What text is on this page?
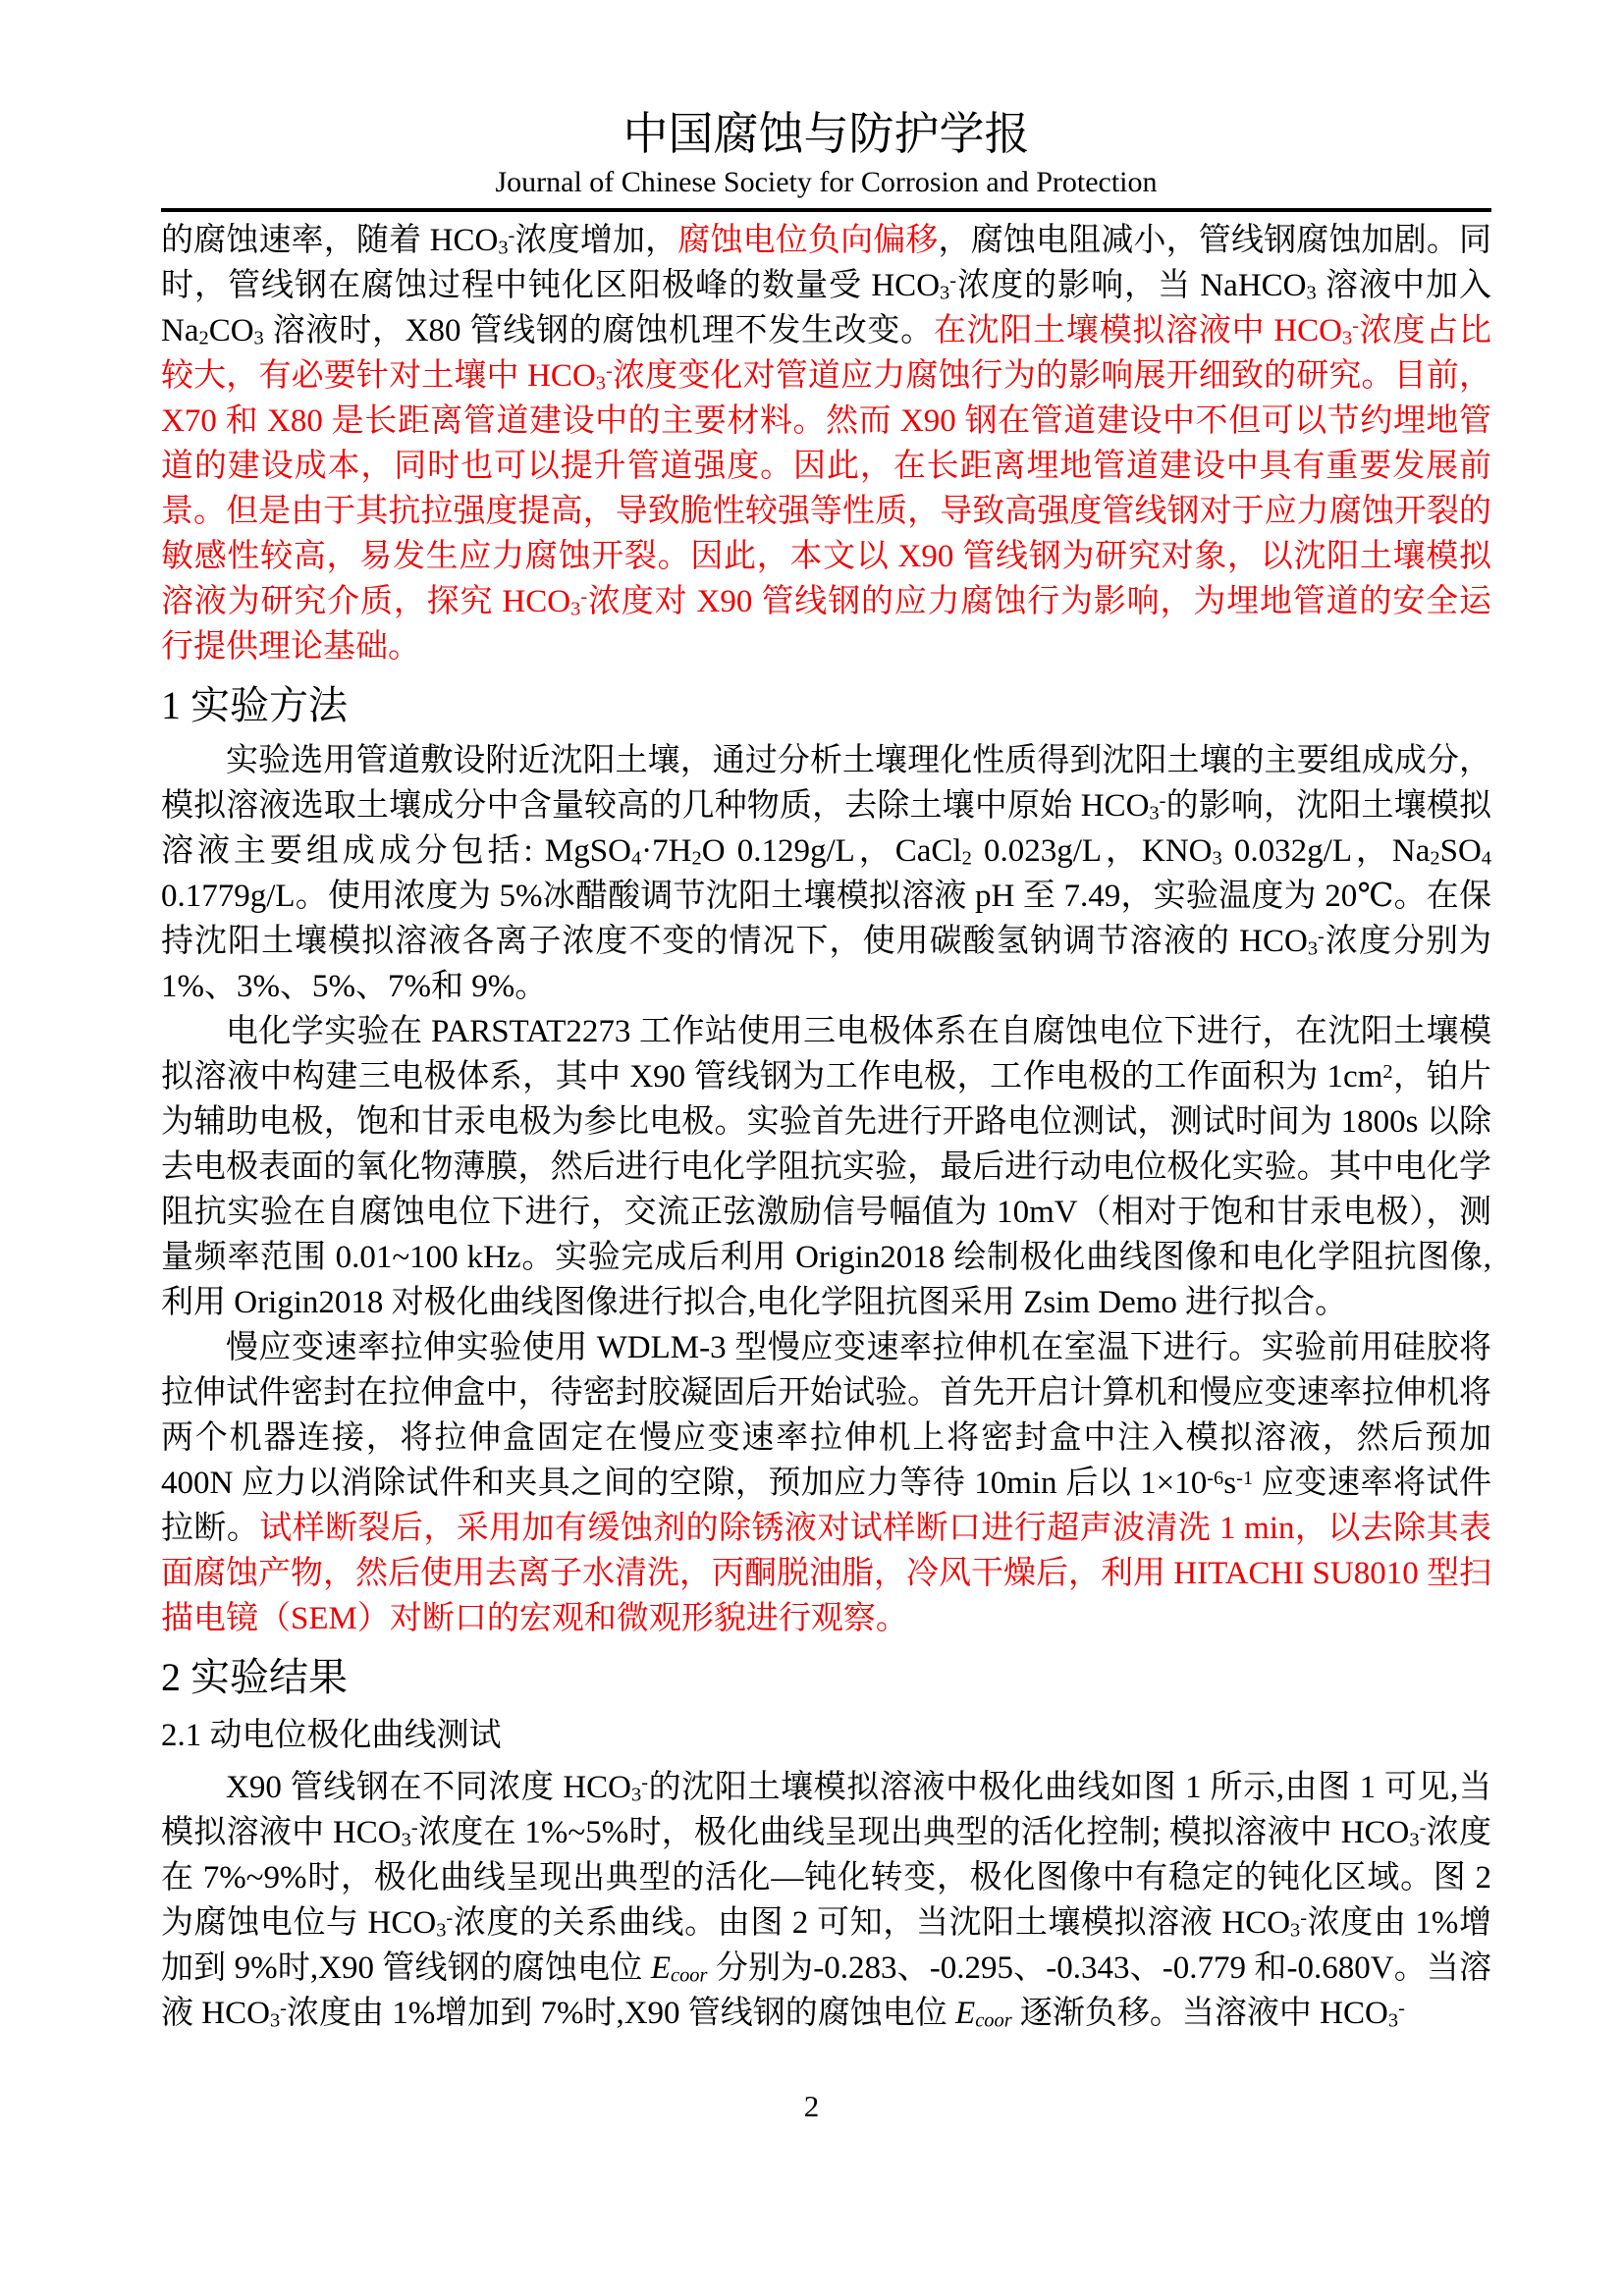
中国腐蚀与防护学报
Journal of Chinese Society for Corrosion and Protection

的腐蚀速率，随着 $HCO_3^-$浓度增加，腐蚀电位负向偏移，腐蚀电阻减小，管线钢腐蚀加剧。同时，管线钢在腐蚀过程中钝化区阳极峰的数量受 $HCO_3^-$浓度的影响，当 NaHCO$_3$ 溶液中加入 $Na_2CO_3$ 溶液时，X80 管线钢的腐蚀机理不发生改变。在沈阳土壤模拟溶液中 $HCO_3^-$浓度占比较大，有必要针对土壤中 $HCO_3^-$浓度变化对管道应力腐蚀行为的影响展开细致的研究。目前，X70 和 X80 是长距离管道建设中的主要材料。然而 X90 钢在管道建设中不但可以节约埋地管道的建设成本，同时也可以提升管道强度。因此，在长距离埋地管道建设中具有重要发展前景。但是由于其抗拉强度提高，导致脆性较强等性质，导致高强度管线钢对于应力腐蚀开裂的敏感性较高，易发生应力腐蚀开裂。因此，本文以 X90 管线钢为研究对象，以沈阳土壤模拟溶液为研究介质，探究 $HCO_3^-$浓度对 X90 管线钢的应力腐蚀行为影响，为埋地管道的安全运行提供理论基础。

1 实验方法

实验选用管道敷设附近沈阳土壤，通过分析土壤理化性质得到沈阳土壤的主要组成成分，模拟溶液选取土壤成分中含量较高的几种物质，去除土壤中原始 $HCO_3^-$的影响，沈阳土壤模拟溶液主要组成成分包括: $MgSO_4\cdot 7H_2O$ 0.129g/L，CaCl$_2$ 0.023g/L，$KNO_3$ 0.032g/L，$Na_2SO_4$ 0.1779g/L。使用浓度为 5%冰醋酸调节沈阳土壤模拟溶液 pH 至 7.49，实验温度为 20℃。在保持沈阳土壤模拟溶液各离子浓度不变的情况下，使用碳酸氢钠调节溶液的 $HCO_3^-$浓度分别为 1%、3%、5%、7%和 9%。

电化学实验在 PARSTAT2273 工作站使用三电极体系在自腐蚀电位下进行，在沈阳土壤模拟溶液中构建三电极体系，其中 X90 管线钢为工作电极，工作电极的工作面积为 $1cm^2$，铂片为辅助电极，饱和甘汞电极为参比电极。实验首先进行开路电位测试，测试时间为 1800s 以除去电极表面的氧化物薄膜，然后进行电化学阻抗实验，最后进行动电位极化实验。其中电化学阻抗实验在自腐蚀电位下进行，交流正弦激励信号幅值为 10mV（相对于饱和甘汞电极），测量频率范围 0.01~100 kHz。实验完成后利用 Origin2018 绘制极化曲线图像和电化学阻抗图像,利用 Origin2018 对极化曲线图像进行拟合,电化学阻抗图采用 Zsim Demo 进行拟合。

慢应变速率拉伸实验使用 WDLM-3 型慢应变速率拉伸机在室温下进行。实验前用硅胶将拉伸试件密封在拉伸盒中，待密封胶凝固后开始试验。首先开启计算机和慢应变速率拉伸机将两个机器连接，将拉伸盒固定在慢应变速率拉伸机上将密封盒中注入模拟溶液，然后预加 400N 应力以消除试件和夹具之间的空隙，预加应力等待 10min 后以 $1\times 10^{-6}s^{-1}$ 应变速率将试件拉断。试样断裂后，采用加有缓蚀剂的除锈液对试样断口进行超声波清洗 1 min，以去除其表面腐蚀产物，然后使用去离子水清洗，丙酮脱油脂，冷风干燥后，利用 HITACHI SU8010 型扫描电镜（SEM）对断口的宏观和微观形貌进行观察。

2 实验结果
2.1 动电位极化曲线测试

X90 管线钢在不同浓度 $HCO_3^-$的沈阳土壤模拟溶液中极化曲线如图 1 所示,由图 1 可见,当模拟溶液中 $HCO_3^-$浓度在 1%~5%时，极化曲线呈现出典型的活化控制; 模拟溶液中 $HCO_3^-$浓度在 7%~9%时，极化曲线呈现出典型的活化—钝化转变，极化图像中有稳定的钝化区域。图 2 为腐蚀电位与 $HCO_3^-$浓度的关系曲线。由图 2 可知，当沈阳土壤模拟溶液 $HCO_3^-$浓度由 1%增加到 9%时,X90 管线钢的腐蚀电位 $E_{coor}$ 分别为-0.283、-0.295、-0.343、-0.779 和-0.680V。当溶液 $HCO_3^-$浓度由 1%增加到 7%时,X90 管线钢的腐蚀电位 $E_{coor}$ 逐渐负移。当溶液中 $HCO_3^-$

2
